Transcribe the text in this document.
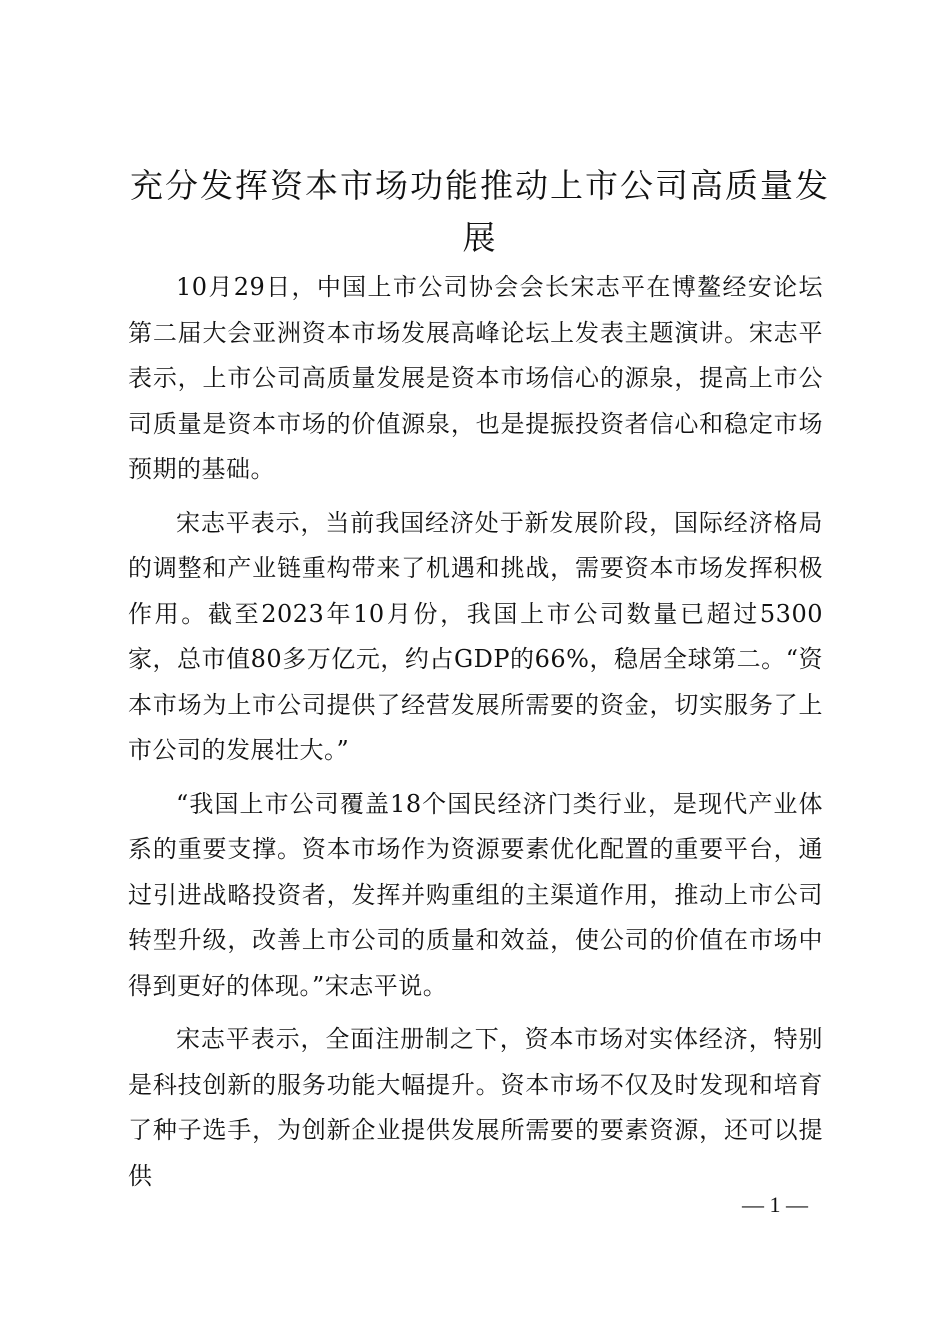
充分发挥资本市场功能推动上市公司高质量发展

10月29日，中国上市公司协会会长宋志平在博鳌经安论坛第二届大会亚洲资本市场发展高峰论坛上发表主题演讲。宋志平表示，上市公司高质量发展是资本市场信心的源泉，提高上市公司质量是资本市场的价值源泉，也是提振投资者信心和稳定市场预期的基础。

宋志平表示，当前我国经济处于新发展阶段，国际经济格局的调整和产业链重构带来了机遇和挑战，需要资本市场发挥积极作用。截至2023年10月份，我国上市公司数量已超过5300家，总市值80多万亿元，约占GDP的66%，稳居全球第二。“资本市场为上市公司提供了经营发展所需要的资金，切实服务了上市公司的发展壮大。”

“我国上市公司覆盖18个国民经济门类行业，是现代产业体系的重要支撑。资本市场作为资源要素优化配置的重要平台，通过引进战略投资者，发挥并购重组的主渠道作用，推动上市公司转型升级，改善上市公司的质量和效益，使公司的价值在市场中得到更好的体现。”宋志平说。

宋志平表示，全面注册制之下，资本市场对实体经济，特别是科技创新的服务功能大幅提升。资本市场不仅及时发现和培育了种子选手，为创新企业提供发展所需要的要素资源，还可以提供

— 1 —
